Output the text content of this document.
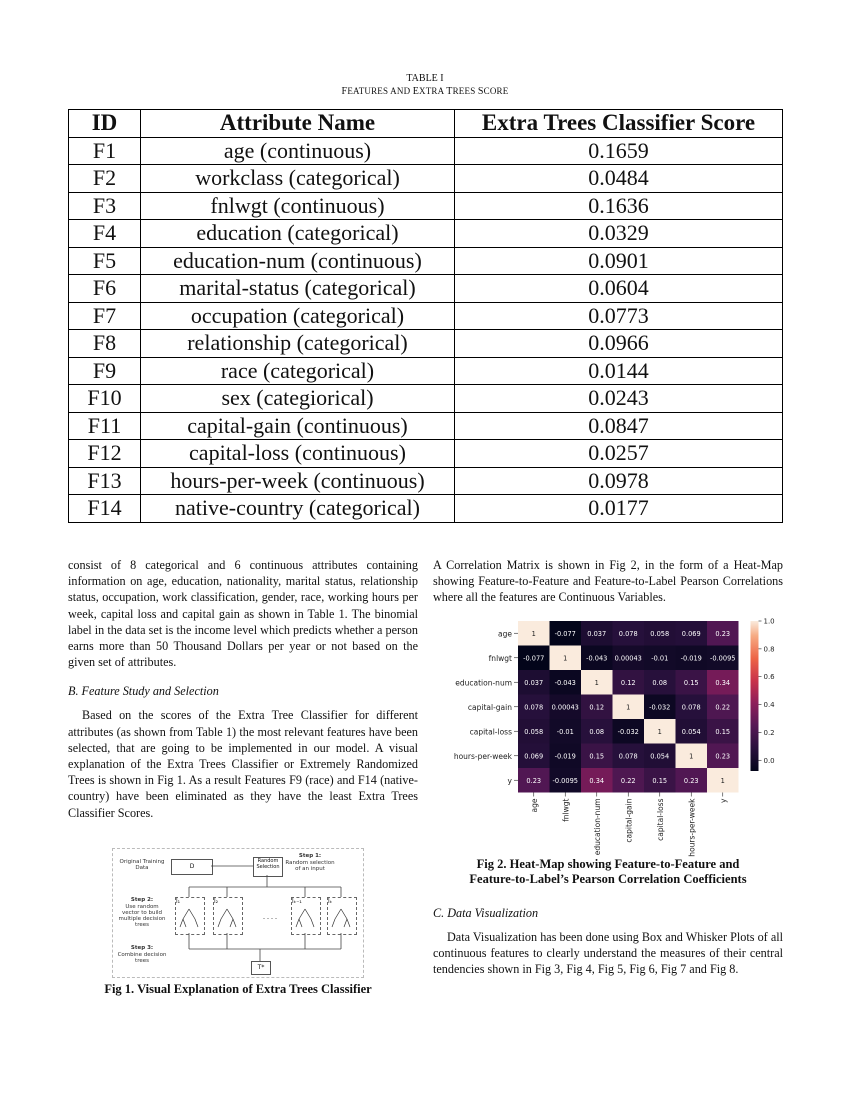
TABLE I
FEATURES AND EXTRA TREES SCORE
ID	Attribute Name	Extra Trees Classifier Score
F1	age (continuous)	0.1659
F2	workclass (categorical)	0.0484
F3	fnlwgt (continuous)	0.1636
F4	education (categorical)	0.0329
F5	education-num (continuous)	0.0901
F6	marital-status (categorical)	0.0604
F7	occupation (categorical)	0.0773
F8	relationship (categorical)	0.0966
F9	race (categorical)	0.0144
F10	sex (categiorical)	0.0243
F11	capital-gain (continuous)	0.0847
F12	capital-loss (continuous)	0.0257
F13	hours-per-week (continuous)	0.0978
F14	native-country (categorical)	0.0177

consist of 8 categorical and 6 continuous attributes containing information on age, education, nationality, marital status, relationship status, occupation, work classification, gender, race, working hours per week, capital loss and capital gain as shown in Table 1. The binomial label in the data set is the income level which predicts whether a person earns more than 50 Thousand Dollars per year or not based on the given set of attributes.

B. Feature Study and Selection

Based on the scores of the Extra Tree Classifier for different attributes (as shown from Table 1) the most relevant features have been selected, that are going to be implemented in our model. A visual explanation of the Extra Trees Classifier or Extremely Randomized Trees is shown in Fig 1. As a result Features F9 (race) and F14 (native-country) have been eliminated as they have the least Extra Trees Classifier Scores.

Original Training Data	D
Random Selection
Step 1:
Random selection of an input
Step 2:
Use random vector to build multiple decision trees
l₁	l₂	lₖ₋₁	lₖ
Step 3:
Combine decision trees
T*
. . . .
Fig 1. Visual Explanation of Extra Trees Classifier

A Correlation Matrix is shown in Fig 2, in the form of a Heat-Map showing Feature-to-Feature and Feature-to-Label Pearson Correlations where all the features are Continuous Variables.

1	-0.077 0.037 0.078 0.058 0.069 0.23
age
-0.077	1	-0.043 0.00043 -0.01 -0.019 -0.0095
fnlwgt
0.037 -0.043	1	0.12	0.08	0.15	0.34
education-num
0.078 0.00043 0.12	1	-0.032 0.078 0.22
capital-gain
0.058 -0.01 0.08 -0.032	1	0.054 0.15
capital-loss
0.069 -0.019 0.15 0.078 0.054	1	0.23
hours-per-week
0.23 -0.0095 0.34	0.22	0.15	0.23	1
y
age	fnlwgt	education-num	capital-gain	capital-loss	hours-per-week	y
1.0
0.8
0.6
0.4
0.2
0.0
Fig 2. Heat-Map showing Feature-to-Feature and
Feature-to-Label’s Pearson Correlation Coefficients
C. Data Visualization

Data Visualization has been done using Box and Whisker Plots of all continuous features to clearly understand the measures of their central tendencies shown in Fig 3, Fig 4, Fig 5, Fig 6, Fig 7 and Fig 8.
